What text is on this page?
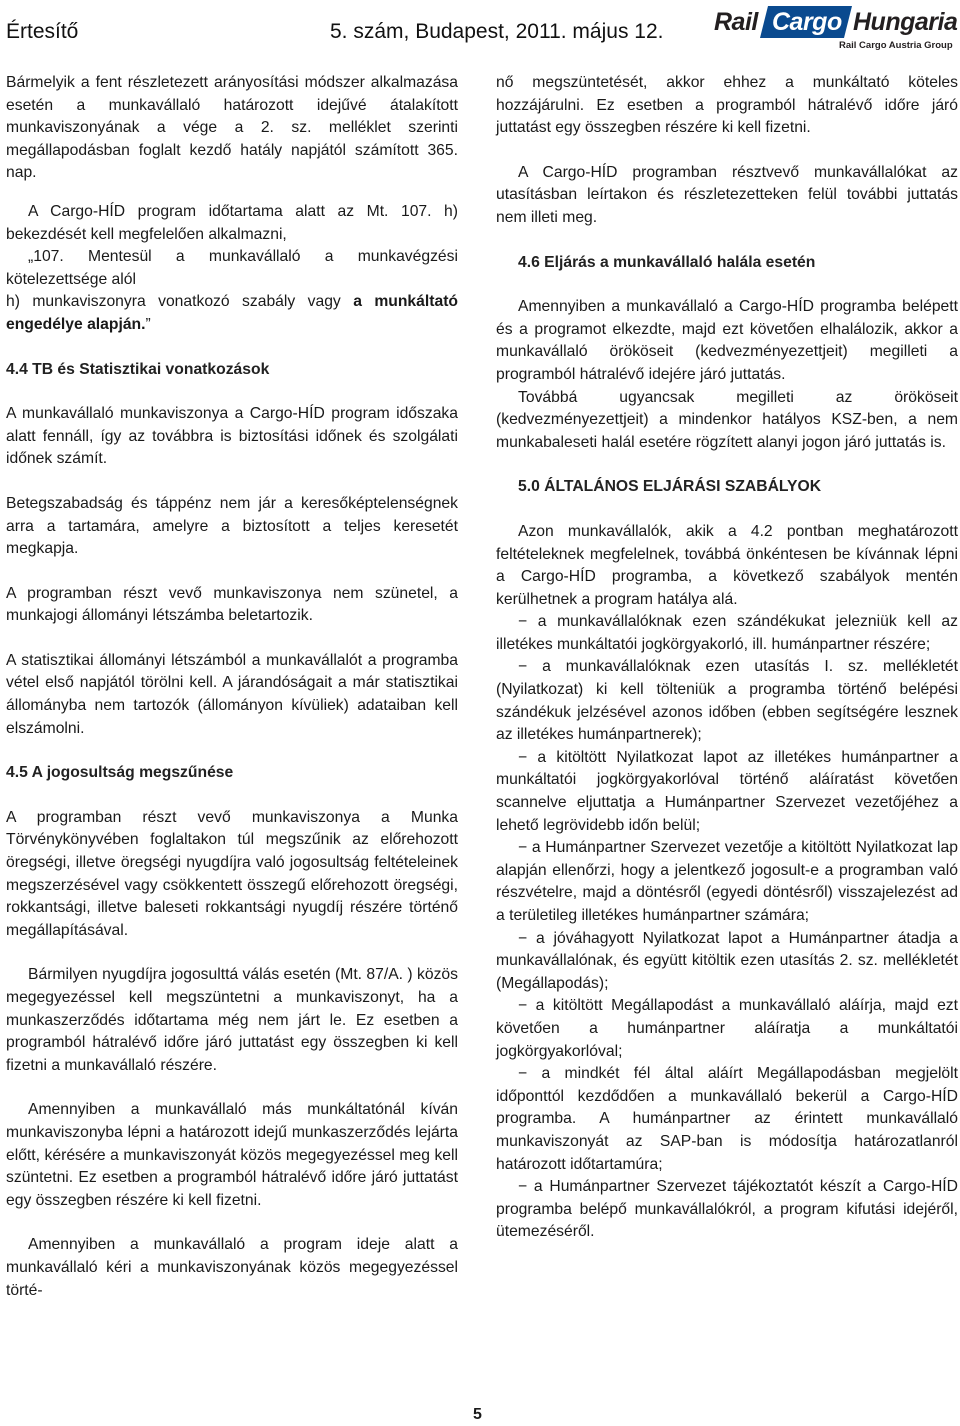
Értesítő	5. szám, Budapest, 2011. május 12. Rail Cargo Hungaria
Rail Cargo Austria Group

Bármelyik a fent részletezett arányosítási módszer alkalmazása esetén a munkavállaló határozott idejűvé átalakított munkaviszonyának a vége a 2. sz. melléklet szerinti megállapodásban foglalt kezdő hatály napjától számított 365. nap.

A Cargo-HÍD program időtartama alatt az Mt. 107. h) bekezdését kell megfelelően alkalmazni,

„107. Mentesül a munkavállaló a munkavégzési kötelezettsége alól

h) munkaviszonyra vonatkozó szabály vagy a munkáltató engedélye alapján.”

4.4 TB és Statisztikai vonatkozások

A munkavállaló munkaviszonya a Cargo-HÍD program időszaka alatt fennáll, így az továbbra is biztosítási időnek és szolgálati időnek számít.

Betegszabadság és táppénz nem jár a keresőképtelenségnek arra a tartamára, amelyre a biztosított a teljes keresetét megkapja.

A programban részt vevő munkaviszonya nem szünetel, a munkajogi állományi létszámba beletartozik.

A statisztikai állományi létszámból a munkavállalót a programba vétel első napjától törölni kell. A járandóságait a már statisztikai állományba nem tartozók (állományon kívüliek) adataiban kell elszámolni.

4.5 A jogosultság megszűnése

A programban részt vevő munkaviszonya a Munka Törvénykönyvében foglaltakon túl megszűnik az előrehozott öregségi, illetve öregségi nyugdíjra való jogosultság feltételeinek megszerzésével vagy csökkentett összegű előrehozott öregségi, rokkantsági, illetve baleseti rokkantsági nyugdíj részére történő megállapításával.

Bármilyen nyugdíjra jogosulttá válás esetén (Mt. 87/A. ) közös megegyezéssel kell megszüntetni a munkaviszonyt, ha a munkaszerződés időtartama még nem járt le. Ez esetben a programból hátralévő időre járó juttatást egy összegben ki kell fizetni a munkavállaló részére.

Amennyiben a munkavállaló más munkáltatónál kíván munkaviszonyba lépni a határozott idejű munkaszerződés lejárta előtt, kérésére a munkaviszonyát közös megegyezéssel meg kell szüntetni. Ez esetben a programból hátralévő időre járó juttatást egy összegben részére ki kell fizetni.

Amennyiben a munkavállaló a program ideje alatt a munkavállaló kéri a munkaviszonyának közös megegyezéssel törté-

nő megszüntetését, akkor ehhez a munkáltató köteles hozzájárulni. Ez esetben a programból hátralévő időre járó juttatást egy összegben részére ki kell fizetni.

A Cargo-HÍD programban résztvevő munkavállalókat az utasításban leírtakon és részletezetteken felül további juttatás nem illeti meg.

4.6 Eljárás a munkavállaló halála esetén

Amennyiben a munkavállaló a Cargo-HÍD programba belépett és a programot elkezdte, majd ezt követően elhalálozik, akkor a munkavállaló örököseit (kedvezményezettjeit) megilleti a programból hátralévő idejére járó juttatás.

Továbbá ugyancsak megilleti az örököseit (kedvezményezettjeit) a mindenkor hatályos KSZ-ben, a nem munkabaleseti halál esetére rögzített alanyi jogon járó juttatás is.

5.0 ÁLTALÁNOS ELJÁRÁSI SZABÁLYOK

Azon munkavállalók, akik a 4.2 pontban meghatározott feltételeknek megfelelnek, továbbá önkéntesen be kívánnak lépni a Cargo-HÍD programba, a következő szabályok mentén kerülhetnek a program hatálya alá.

− a munkavállalóknak ezen szándékukat jelezniük kell az illetékes munkáltatói jogkörgyakorló, ill. humánpartner részére;

− a munkavállalóknak ezen utasítás I. sz. mellékletét (Nyilatkozat) ki kell tölteniük a programba történő belépési szándékuk jelzésével azonos időben (ebben segítségére lesznek az illetékes humánpartnerek);

− a kitöltött Nyilatkozat lapot az illetékes humánpartner a munkáltatói jogkörgyakorlóval történő aláíratást követően scannelve eljuttatja a Humánpartner Szervezet vezetőjéhez a lehető legrövidebb időn belül;

− a Humánpartner Szervezet vezetője a kitöltött Nyilatkozat lap alapján ellenőrzi, hogy a jelentkező jogosult-e a programban való részvételre, majd a döntésről (egyedi döntésről) visszajelezést ad a területileg illetékes humánpartner számára;

− a jóváhagyott Nyilatkozat lapot a Humánpartner átadja a munkavállalónak, és együtt kitöltik ezen utasítás 2. sz. mellékletét (Megállapodás);

− a kitöltött Megállapodást a munkavállaló aláírja, majd ezt követően a humánpartner aláíratja a munkáltatói jogkörgyakorlóval;

− a mindkét fél által aláírt Megállapodásban megjelölt időponttól kezdődően a munkavállaló bekerül a Cargo-HÍD programba. A humánpartner az érintett munkavállaló munkaviszonyát az SAP-ban is módosítja határozatlanról határozott időtartamúra;

− a Humánpartner Szervezet tájékoztatót készít a Cargo-HÍD programba belépő munkavállalókról, a program kifutási idejéről, ütemezéséről.

5
